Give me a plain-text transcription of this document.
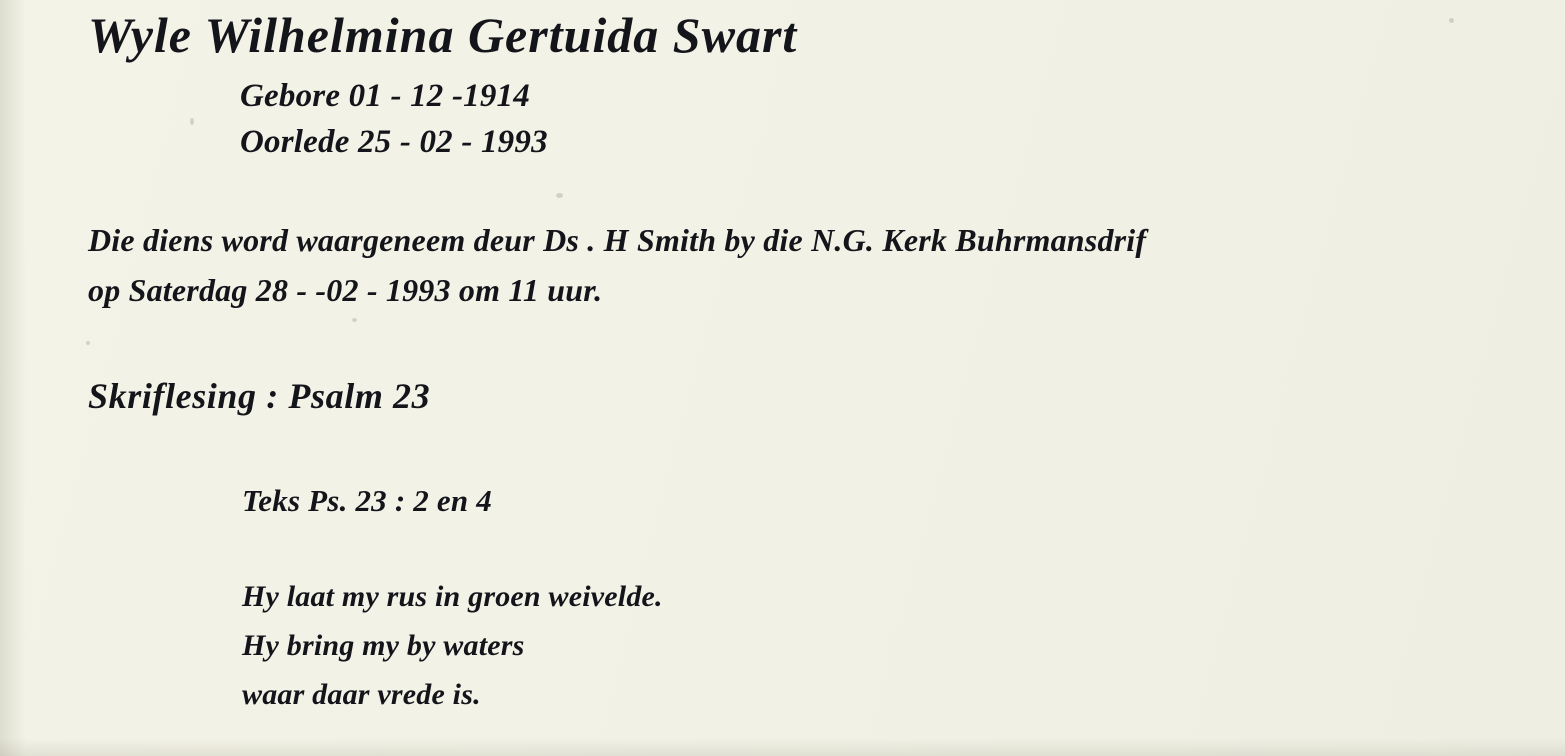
Wyle Wilhelmina Gertuida Swart
Gebore 01 - 12 -1914
Oorlede 25 - 02 - 1993
Die diens word waargeneem deur Ds . H Smith by die N.G. Kerk Buhrmansdrif
op Saterdag 28 - -02 - 1993 om 11 uur.
Skriflesing : Psalm 23
Teks Ps. 23 : 2 en 4
Hy laat my rus in groen weivelde.
Hy bring my by waters
waar daar vrede is.
